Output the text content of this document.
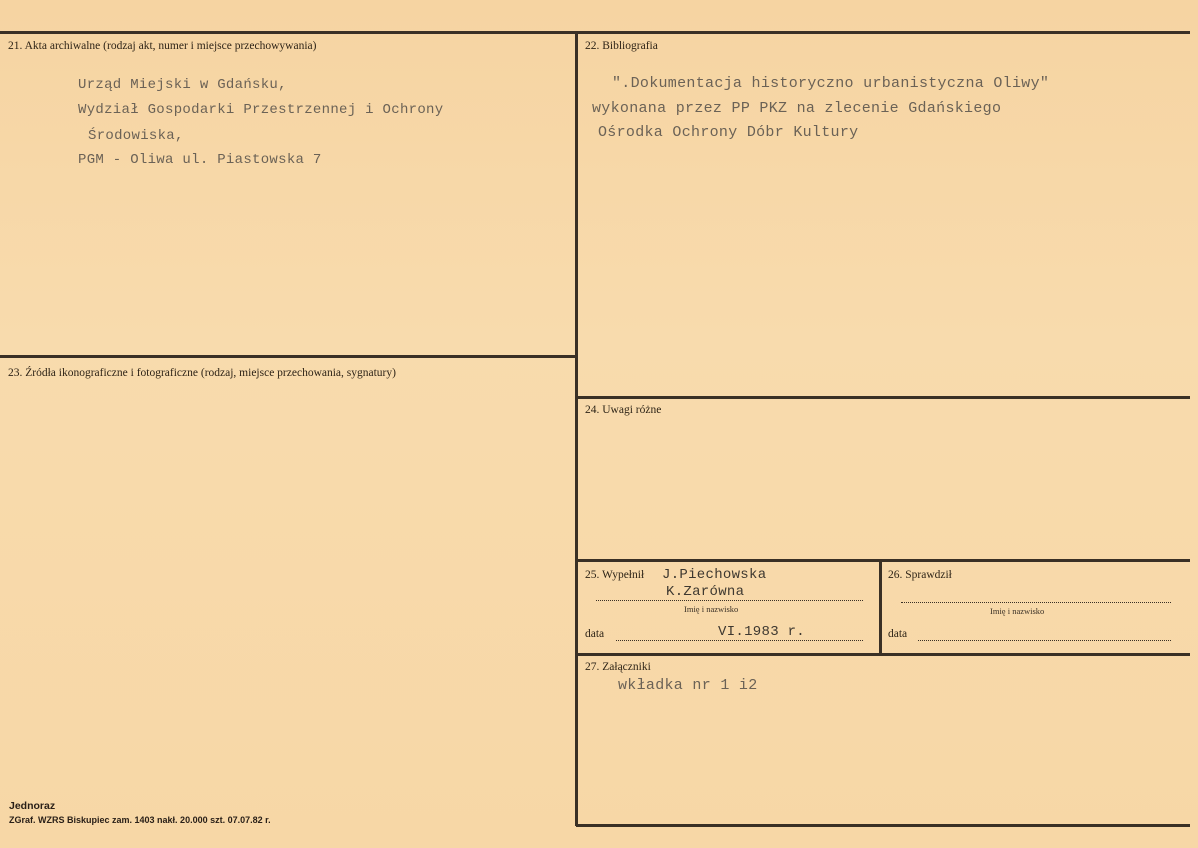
21. Akta archiwalne (rodzaj akt, numer i miejsce przechowywania)
Urząd Miejski w Gdańsku,
Wydział Gospodarki Przestrzennej i Ochrony
Środowiska,
PGM - Oliwa ul. Piastowska 7
22. Bibliografia
".Dokumentacja historyczno urbanistyczna Oliwy"
wykonana przez PP PKZ na zlecenie Gdańskiego
Ośrodka Ochrony Dóbr Kultury
23. Źródła ikonograficzne i fotograficzne (rodzaj, miejsce przechowania, sygnatury)
24. Uwagi różne
25. Wypełnił J.Piechowska
K.Zarówna
Imię i nazwisko
data	VI.1983 r.
26. Sprawdził
Imię i nazwisko
data
27. Załączniki
wkładka nr 1 i2
Jednoraz
ZGraf. WZRS Biskupiec zam. 1403 nakł. 20.000 szt. 07.07.82 r.
